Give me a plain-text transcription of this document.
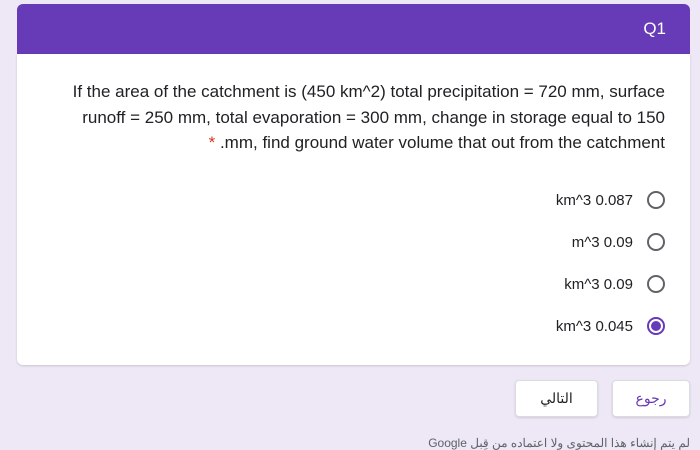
Q1
If the area of the catchment is (450 km^2) total precipitation = 720 mm, surface runoff = 250 mm, total evaporation = 300 mm, change in storage equal to 150 mm, find ground water volume that out from the catchment. *
0.087 km^3
0.09 m^3
0.09 km^3
0.045 km^3
رجوع
التالي
لم يتم إنشاء هذا المحتوى ولا اعتماده من قِبل Google
